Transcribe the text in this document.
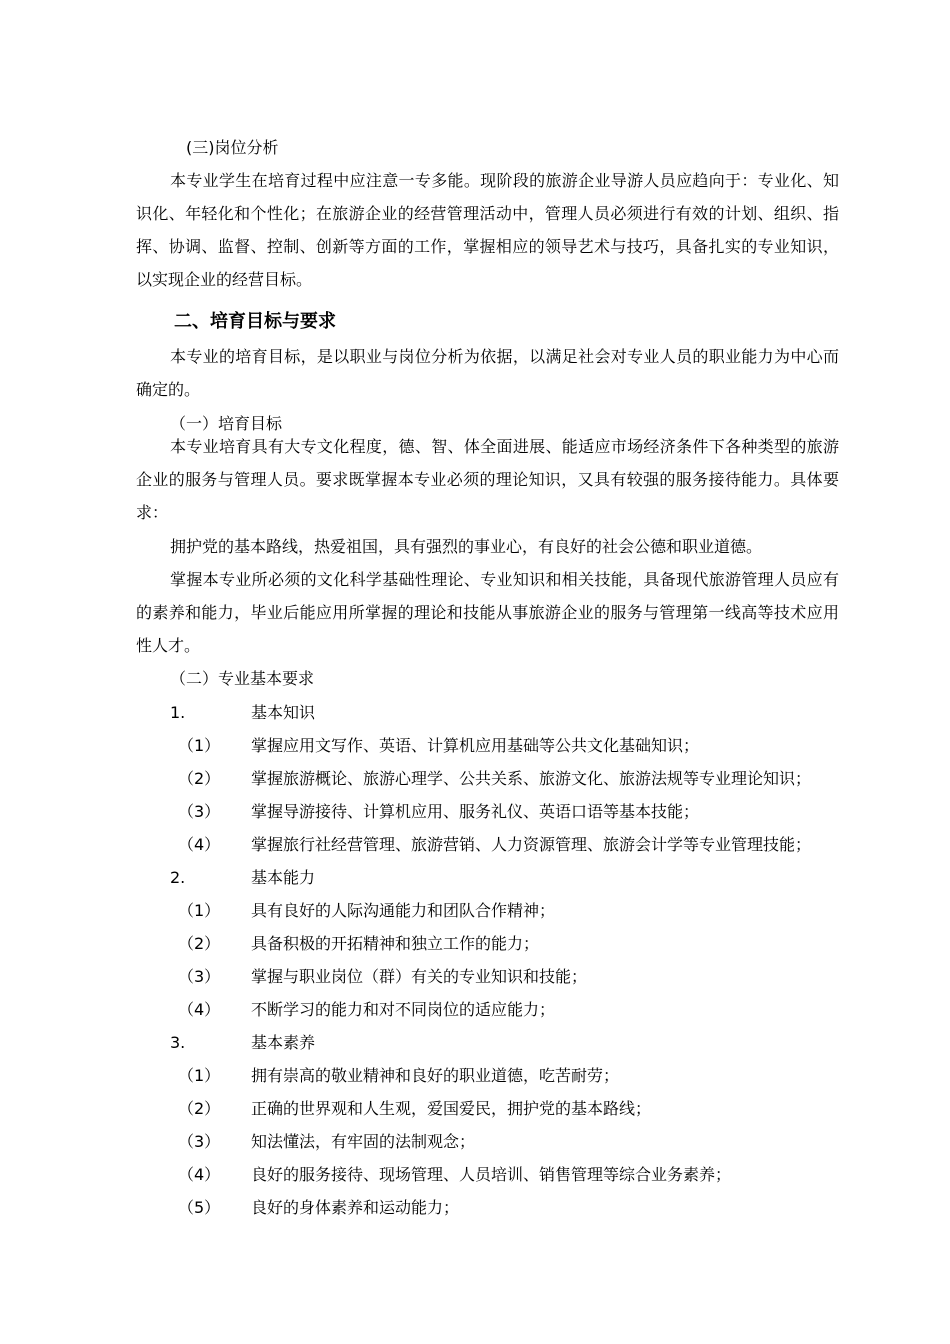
(三)岗位分析

本专业学生在培育过程中应注意一专多能。现阶段的旅游企业导游人员应趋向于：专业化、知识化、年轻化和个性化；在旅游企业的经营管理活动中，管理人员必须进行有效的计划、组织、指挥、协调、监督、控制、创新等方面的工作，掌握相应的领导艺术与技巧，具备扎实的专业知识，以实现企业的经营目标。

二、培育目标与要求

本专业的培育目标，是以职业与岗位分析为依据，以满足社会对专业人员的职业能力为中心而确定的。

（一）培育目标

本专业培育具有大专文化程度，德、智、体全面进展、能适应市场经济条件下各种类型的旅游企业的服务与管理人员。要求既掌握本专业必须的理论知识，又具有较强的服务接待能力。具体要求：

拥护党的基本路线，热爱祖国，具有强烈的事业心，有良好的社会公德和职业道德。

掌握本专业所必须的文化科学基础性理论、专业知识和相关技能，具备现代旅游管理人员应有的素养和能力，毕业后能应用所掌握的理论和技能从事旅游企业的服务与管理第一线高等技术应用性人才。

（二）专业基本要求
1.	基本知识
（1） 掌握应用文写作、英语、计算机应用基础等公共文化基础知识；
（2） 掌握旅游概论、旅游心理学、公共关系、旅游文化、旅游法规等专业理论知识；
（3） 掌握导游接待、计算机应用、服务礼仪、英语口语等基本技能；
（4） 掌握旅行社经营管理、旅游营销、人力资源管理、旅游会计学等专业管理技能；
2.	基本能力
（1） 具有良好的人际沟通能力和团队合作精神；
（2） 具备积极的开拓精神和独立工作的能力；
（3） 掌握与职业岗位（群）有关的专业知识和技能；
（4） 不断学习的能力和对不同岗位的适应能力；
3.	基本素养
（1） 拥有崇高的敬业精神和良好的职业道德，吃苦耐劳；
（2） 正确的世界观和人生观，爱国爱民，拥护党的基本路线；
（3） 知法懂法，有牢固的法制观念；
（4） 良好的服务接待、现场管理、人员培训、销售管理等综合业务素养；
（5） 良好的身体素养和运动能力；
